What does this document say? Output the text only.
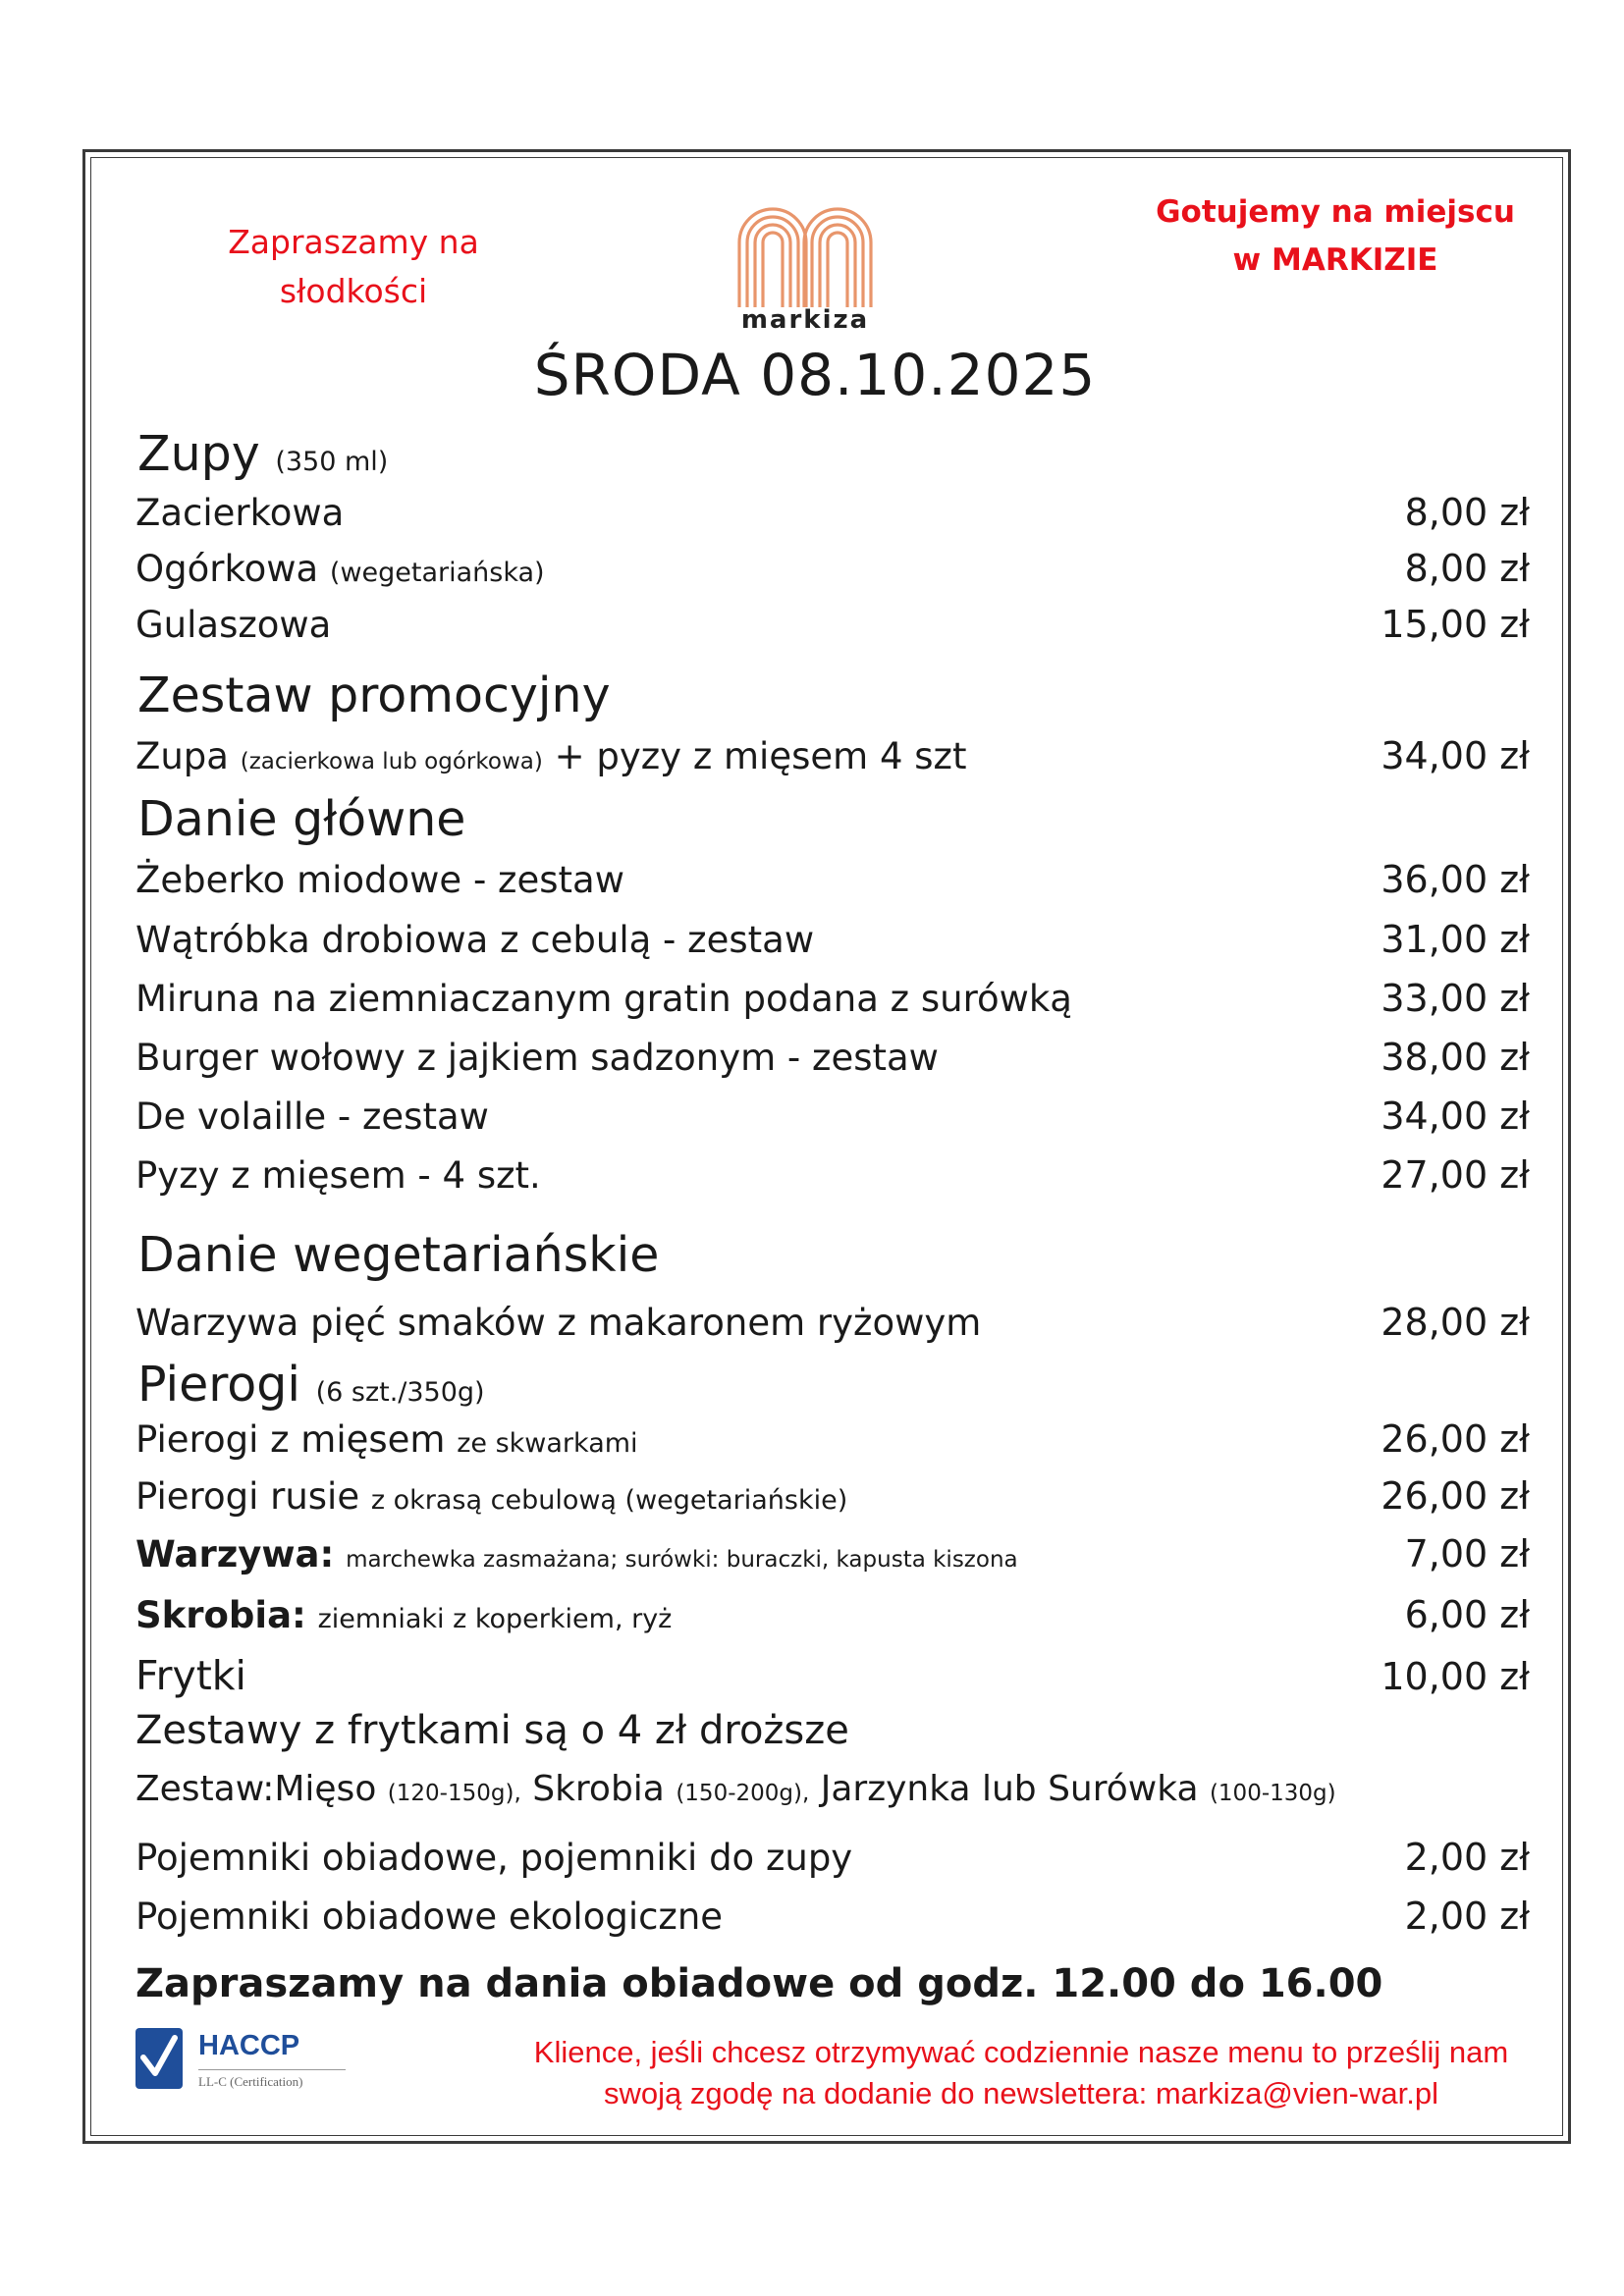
Zapraszamy na
słodkości
markiza
Gotujemy na miejscu
w MARKIZIE
ŚRODA 08.10.2025
Zupy (350 ml)
Zacierkowa	8,00 zł
Ogórkowa (wegetariańska)	8,00 zł
Gulaszowa	15,00 zł
Zestaw promocyjny
Zupa (zacierkowa lub ogórkowa) + pyzy z mięsem 4 szt	34,00 zł
Danie główne
Żeberko miodowe - zestaw	36,00 zł
Wątróbka drobiowa z cebulą - zestaw	31,00 zł
Miruna na ziemniaczanym gratin podana z surówką	33,00 zł
Burger wołowy z jajkiem sadzonym - zestaw	38,00 zł
De volaille - zestaw	34,00 zł
Pyzy z mięsem - 4 szt.	27,00 zł
Danie wegetariańskie
Warzywa pięć smaków z makaronem ryżowym	28,00 zł
Pierogi (6 szt./350g)
Pierogi z mięsem ze skwarkami	26,00 zł
Pierogi rusie z okrasą cebulową (wegetariańskie)	26,00 zł
Warzywa: marchewka zasmażana; surówki: buraczki, kapusta kiszona	7,00 zł
Skrobia: ziemniaki z koperkiem, ryż	6,00 zł
Frytki	10,00 zł
Zestawy z frytkami są o 4 zł droższe
Zestaw:Mięso (120-150g), Skrobia (150-200g), Jarzynka lub Surówka (100-130g)
Pojemniki obiadowe, pojemniki do zupy	2,00 zł
Pojemniki obiadowe ekologiczne	2,00 zł
Zapraszamy na dania obiadowe od godz. 12.00 do 16.00
HACCP
LL-C (Certification)
Klience, jeśli chcesz otrzymywać codziennie nasze menu to prześlij nam
swoją zgodę na dodanie do newslettera: markiza@vien-war.pl
